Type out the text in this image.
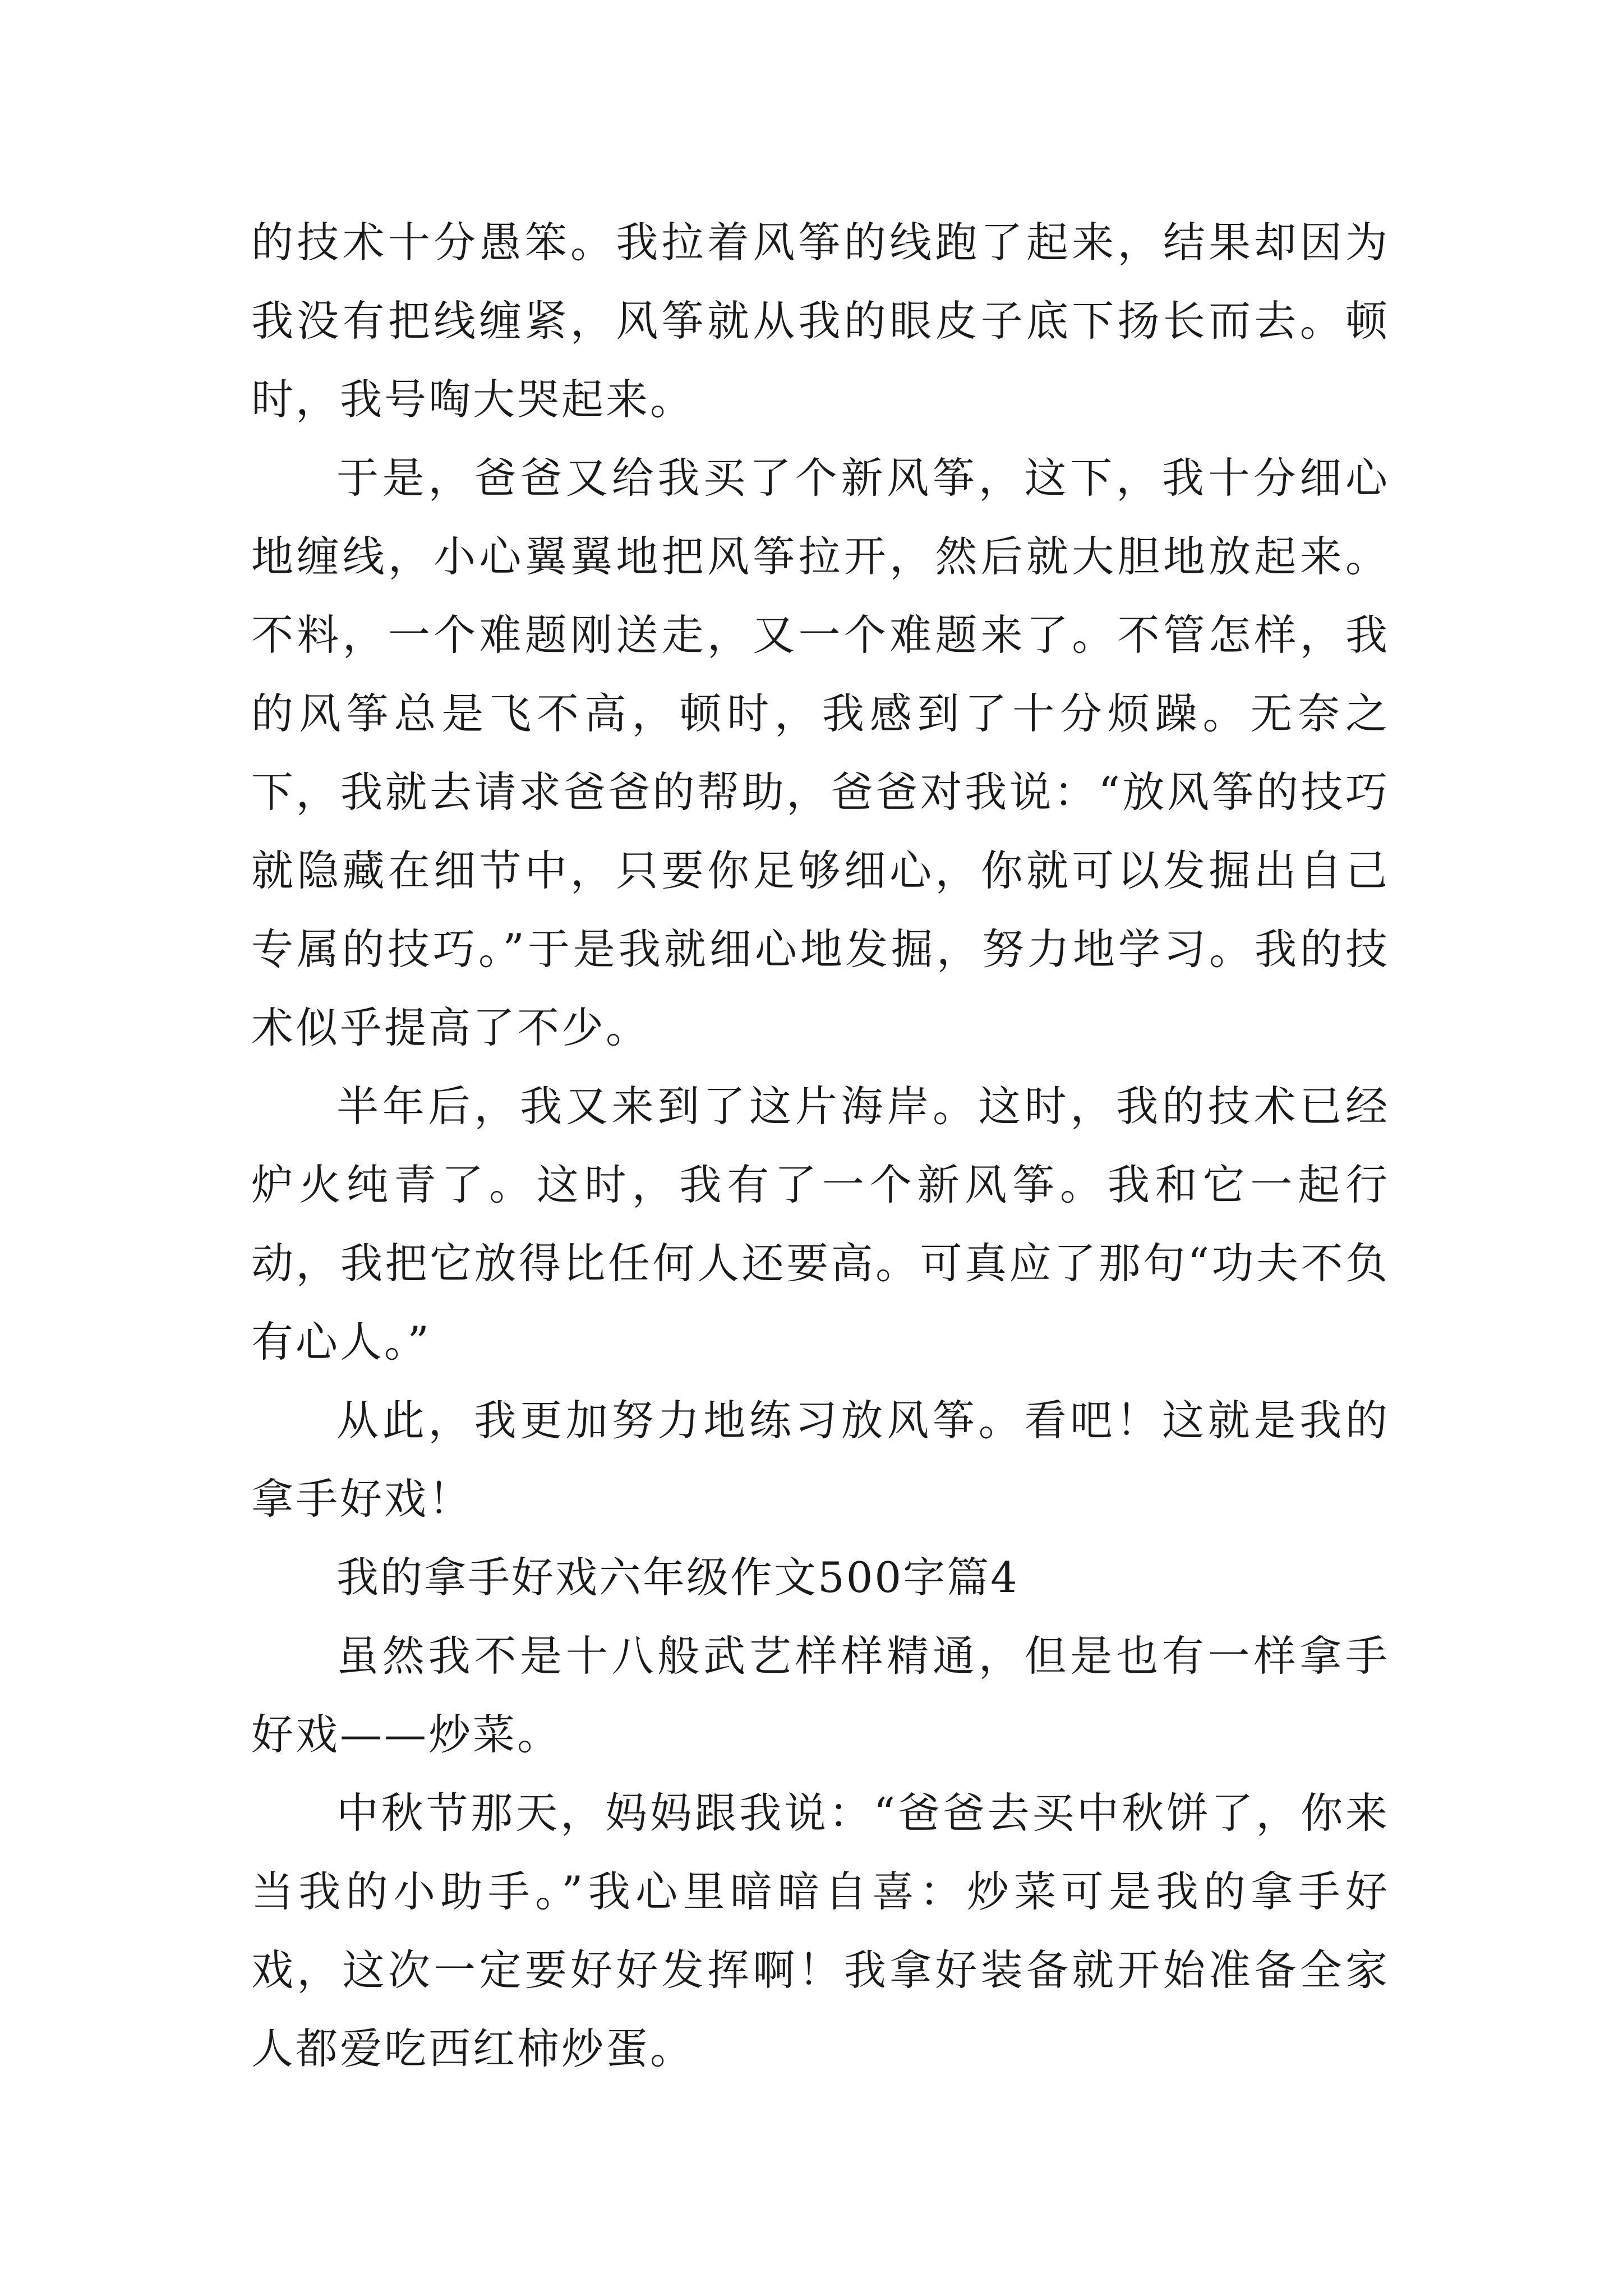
的技术十分愚笨。我拉着风筝的线跑了起来，结果却因为我没有把线缠紧，风筝就从我的眼皮子底下扬长而去。顿时，我号啕大哭起来。

于是，爸爸又给我买了个新风筝，这下，我十分细心地缠线，小心翼翼地把风筝拉开，然后就大胆地放起来。不料，一个难题刚送走，又一个难题来了。不管怎样，我的风筝总是飞不高，顿时，我感到了十分烦躁。无奈之下，我就去请求爸爸的帮助，爸爸对我说：“放风筝的技巧就隐藏在细节中，只要你足够细心，你就可以发掘出自己专属的技巧。”于是我就细心地发掘，努力地学习。我的技术似乎提高了不少。

半年后，我又来到了这片海岸。这时，我的技术已经炉火纯青了。这时，我有了一个新风筝。我和它一起行动，我把它放得比任何人还要高。可真应了那句“功夫不负有心人。”

从此，我更加努力地练习放风筝。看吧！这就是我的拿手好戏！

我的拿手好戏六年级作文500字篇4

虽然我不是十八般武艺样样精通，但是也有一样拿手好戏——炒菜。

中秋节那天，妈妈跟我说：“爸爸去买中秋饼了，你来当我的小助手。”我心里暗暗自喜：炒菜可是我的拿手好戏，这次一定要好好发挥啊！我拿好装备就开始准备全家人都爱吃西红柿炒蛋。
